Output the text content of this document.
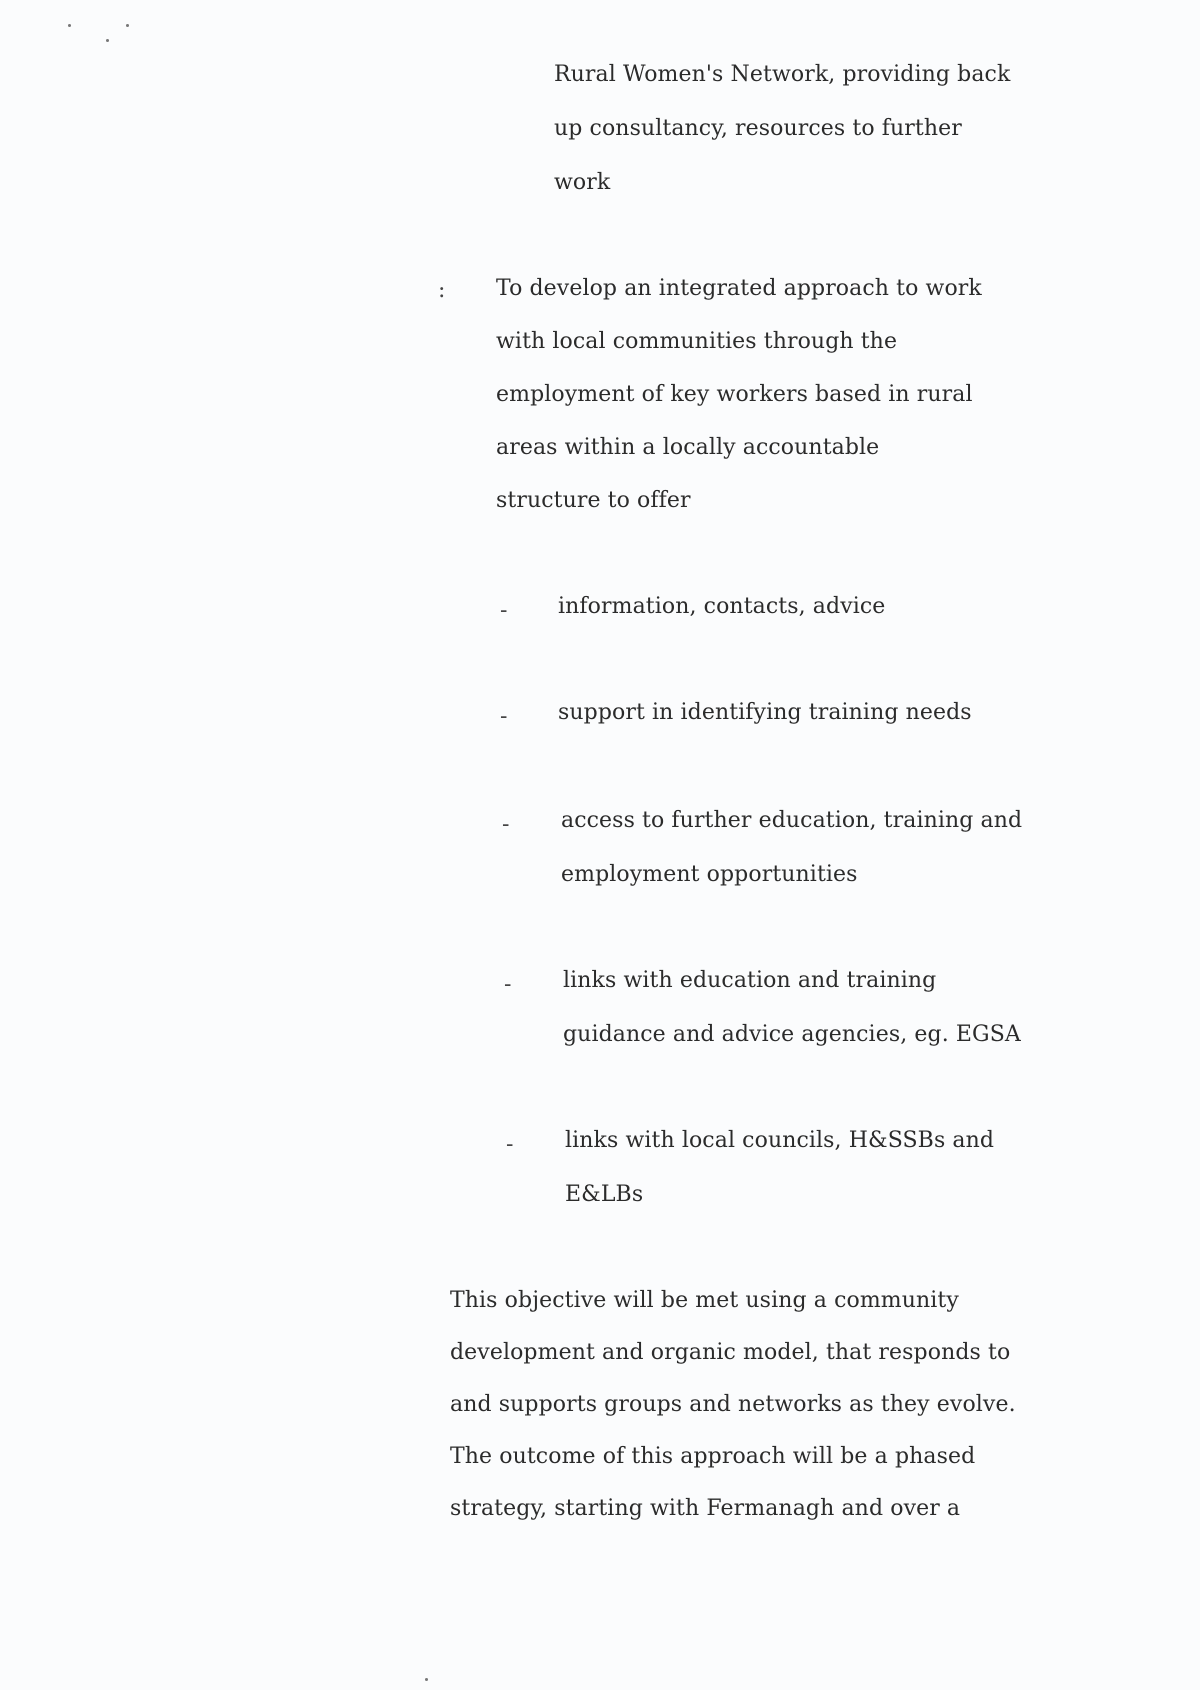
Rural Women's Network, providing back
up consultancy, resources to further
work
: To develop an integrated approach to work
with local communities through the
employment of key workers based in rural
areas within a locally accountable
structure to offer
- information, contacts, advice
- support in identifying training needs
- access to further education, training and
employment opportunities
- links with education and training
guidance and advice agencies, eg. EGSA
- links with local councils, H&SSBs and
E&LBs
This objective will be met using a community
development and organic model, that responds to
and supports groups and networks as they evolve.
The outcome of this approach will be a phased
strategy, starting with Fermanagh and over a
